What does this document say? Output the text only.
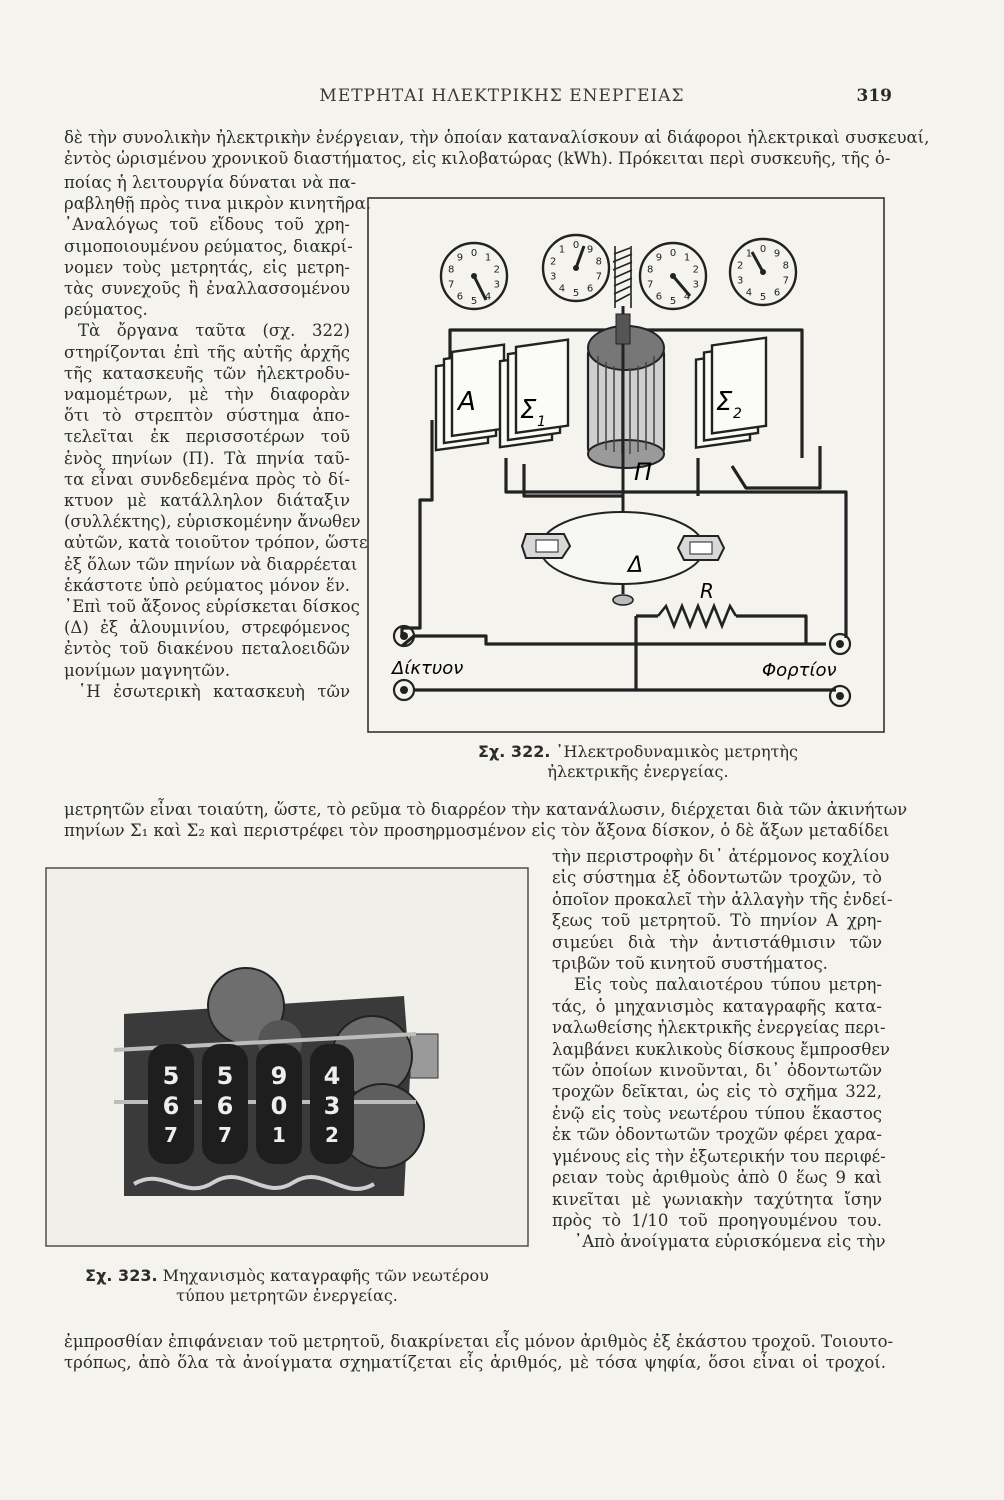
ΜΕΤΡΗΤΑΙ ΗΛΕΚΤΡΙΚΗΣ ΕΝΕΡΓΕΙΑΣ	319
δὲ τὴν συνολικὴν ἠλεκτρικὴν ἐνέργειαν, τὴν ὁποίαν καταναλίσκουν αἱ διάφοροι ἠλεκτρικαὶ συσκευαί,
ἐντὸς ὡρισμένου χρονικοῦ διαστήματος, εἰς κιλοβατώρας (kWh). Πρόκειται περὶ συσκευῆς, τῆς ὁ-
ποίας ἡ λειτουργία δύναται νὰ πα-
ραβληθῇ πρὸς τινα μικρὸν κινητῆρα.
᾿Αναλόγως τοῦ εἴδους τοῦ χρη-
σιμοποιουμένου ρεύματος, διακρί-
νομεν τοὺς μετρητάς, εἰς μετρη-
τὰς συνεχοῦς ἢ ἐναλλασσομένου
ρεύματος.
Τὰ ὄργανα ταῦτα (σχ. 322)
στηρίζονται ἐπὶ τῆς αὐτῆς ἀρχῆς
τῆς κατασκευῆς τῶν ἠλεκτροδυ-
ναμομέτρων, μὲ τὴν διαφορὰν
ὅτι τὸ στρεπτὸν σύστημα ἀπο-
τελεῖται ἐκ περισσοτέρων τοῦ
ἑνὸς πηνίων (Π). Τὰ πηνία ταῦ-
τα εἶναι συνδεδεμένα πρὸς τὸ δί-
κτυον μὲ κατάλληλον διάταξιν
(συλλέκτης), εὑρισκομένην ἄνωθεν
αὐτῶν, κατὰ τοιοῦτον τρόπον, ὥστε
ἐξ ὅλων τῶν πηνίων νὰ διαρρέεται
ἑκάστοτε ὑπὸ ρεύματος μόνον ἕν.
᾿Επὶ τοῦ ἄξονος εὑρίσκεται δίσκος
(Δ) ἐξ ἀλουμινίου, στρεφόμενος
ἐντὸς τοῦ διακένου πεταλοειδῶν
μονίμων μαγνητῶν.
῾Η ἐσωτερικὴ κατασκευὴ τῶν
0 1
2
3
4
5
6
7
8
9
0
1
2
3
4 5 6
7
8
9	0 1
2
3
4
5
6
7
8
9
0
1
2
3
4 5 6
7
8
9
A Σ 1
Σ 2
Π
Δ
R
Δίκτυον	Φορτίον
Σχ. 322. ᾿Ηλεκτροδυναμικὸς μετρητὴς
ἠλεκτρικῆς ἐνεργείας.
μετρητῶν εἶναι τοιαύτη, ὥστε, τὸ ρεῦμα τὸ διαρρέον τὴν κατανάλωσιν, διέρχεται διὰ τῶν ἀκινήτων
πηνίων Σ₁ καὶ Σ₂ καὶ περιστρέφει τὸν προσηρμοσμένον εἰς τὸν ἄξονα δίσκον, ὁ δὲ ἄξων μεταδίδει
5
6
7
5
6
7
9
0
1
4
3
2
Σχ. 323. Μηχανισμὸς καταγραφῆς τῶν νεωτέρου
τύπου μετρητῶν ἐνεργείας.
τὴν περιστροφὴν δι᾿ ἀτέρμονος κοχλίου
εἰς σύστημα ἐξ ὀδοντωτῶν τροχῶν, τὸ
ὁποῖον προκαλεῖ τὴν ἀλλαγὴν τῆς ἐνδεί-
ξεως τοῦ μετρητοῦ. Τὸ πηνίον Α χρη-
σιμεύει διὰ τὴν ἀντιστάθμισιν τῶν
τριβῶν τοῦ κινητοῦ συστήματος.
Εἰς τοὺς παλαιοτέρου τύπου μετρη-
τάς, ὁ μηχανισμὸς καταγραφῆς κατα-
ναλωθείσης ἠλεκτρικῆς ἐνεργείας περι-
λαμβάνει κυκλικοὺς δίσκους ἔμπροσθεν
τῶν ὁποίων κινοῦνται, δι᾿ ὀδοντωτῶν
τροχῶν δεῖκται, ὡς εἰς τὸ σχῆμα 322,
ἐνῷ εἰς τοὺς νεωτέρου τύπου ἕκαστος
ἐκ τῶν ὀδοντωτῶν τροχῶν φέρει χαρα-
γμένους εἰς τὴν ἐξωτερικήν του περιφέ-
ρειαν τοὺς ἀριθμοὺς ἀπὸ 0 ἕως 9 καὶ
κινεῖται μὲ γωνιακὴν ταχύτητα ἴσην
πρὸς τὸ 1/10 τοῦ προηγουμένου του.
᾿Απὸ ἀνοίγματα εὑρισκόμενα εἰς τὴν
ἐμπροσθίαν ἐπιφάνειαν τοῦ μετρητοῦ, διακρίνεται εἷς μόνον ἀριθμὸς ἐξ ἑκάστου τροχοῦ. Τοιουτο-
τρόπως, ἀπὸ ὅλα τὰ ἀνοίγματα σχηματίζεται εἷς ἀριθμός, μὲ τόσα ψηφία, ὅσοι εἶναι οἱ τροχοί.
